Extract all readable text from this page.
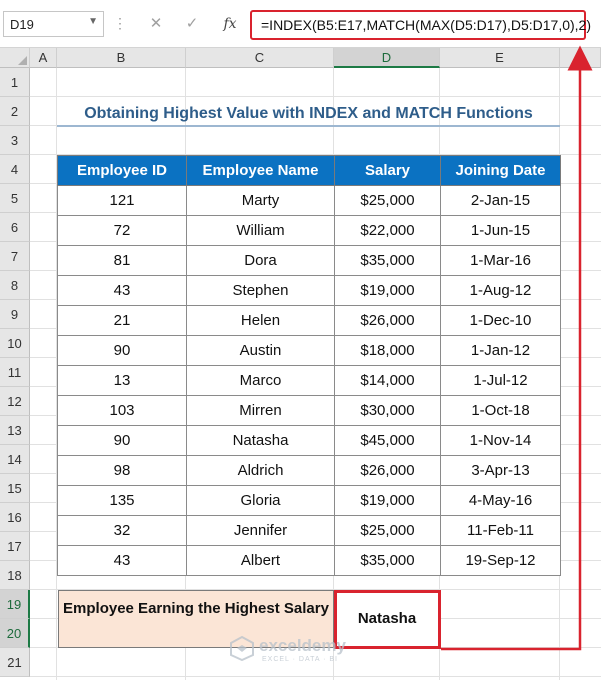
D19	▼ ⋮	✕	✓	fx	=INDEX(B5:E17,MATCH(MAX(D5:D17),D5:D17,0),2)
A	B	C	D	E	F
1
2
3
4
5
6
7
8
9
10
11
12
13
14
15
16
17
18
19
20
21
Obtaining Highest Value with INDEX and MATCH Functions
Employee ID	Employee Name	Salary	Joining Date
121	Marty	$25,000	2-Jan-15
72	William	$22,000	1-Jun-15
81	Dora	$35,000	1-Mar-16
43	Stephen	$19,000	1-Aug-12
21	Helen	$26,000	1-Dec-10
90	Austin	$18,000	1-Jan-12
13	Marco	$14,000	1-Jul-12
103	Mirren	$30,000	1-Oct-18
90	Natasha	$45,000	1-Nov-14
98	Aldrich	$26,000	3-Apr-13
135	Gloria	$19,000	4-May-16
32	Jennifer	$25,000	11-Feb-11
43	Albert	$35,000	19-Sep-12
Employee Earning the Highest Salary
Natasha
exceldemy
EXCEL · DATA · BI
